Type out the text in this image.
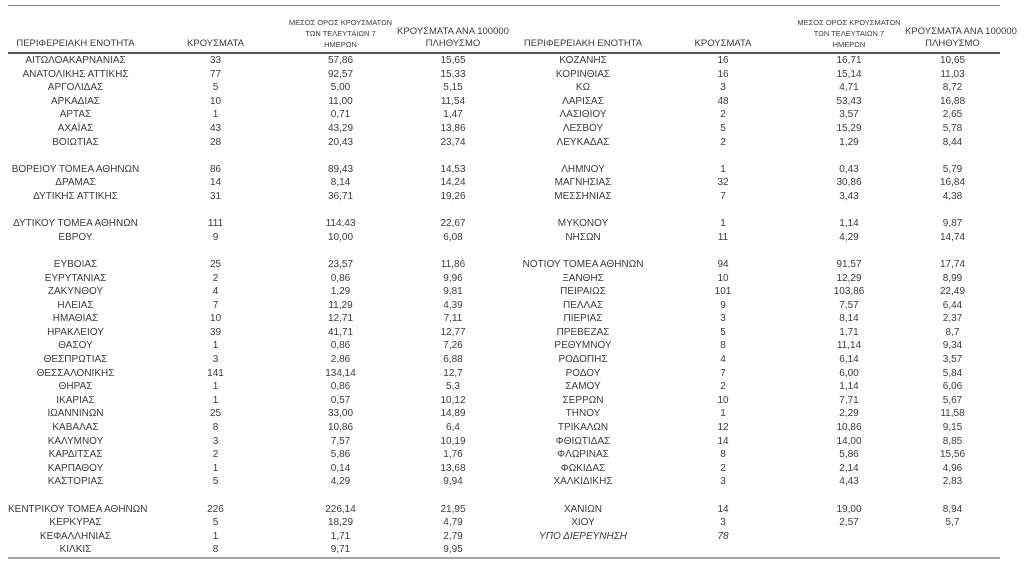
ΠΕΡΙΦΕΡΕΙΑΚΗ ΕΝΟΤΗΤΑ	ΚΡΟΥΣΜΑΤΑ	ΜΕΣΟΣ ΟΡΟΣ ΚΡΟΥΣΜΑΤΩΝ
ΤΩΝ ΤΕΛΕΥΤΑΙΩΝ 7
ΗΜΕΡΩΝ	ΚΡΟΥΣΜΑΤΑ ΑΝΑ 100000
ΠΛΗΘΥΣΜΟ	ΠΕΡΙΦΕΡΕΙΑΚΗ ΕΝΟΤΗΤΑ	ΚΡΟΥΣΜΑΤΑ	ΜΕΣΟΣ ΟΡΟΣ ΚΡΟΥΣΜΑΤΩΝ
ΤΩΝ ΤΕΛΕΥΤΑΙΩΝ 7
ΗΜΕΡΩΝ	ΚΡΟΥΣΜΑΤΑ ΑΝΑ 100000
ΠΛΗΘΥΣΜΟ

ΑΙΤΩΛΟΑΚΑΡΝΑΝΙΑΣ	33	57,86	15,65	ΚΟΖΑΝΗΣ	16	16,71	10,65
ΑΝΑΤΟΛΙΚΗΣ ΑΤΤΙΚΗΣ	77	92,57	15,33	ΚΟΡΙΝΘΙΑΣ	16	15,14	11,03
ΑΡΓΟΛΙΔΑΣ	5	5,00	5,15	ΚΩ	3	4,71	8,72
ΑΡΚΑΔΙΑΣ	10	11,00	11,54	ΛΑΡΙΣΑΣ	48	53,43	16,88
ΑΡΤΑΣ	1	0,71	1,47	ΛΑΣΙΘΙΟΥ	2	3,57	2,65
ΑΧΑΪΑΣ	43	43,29	13,86	ΛΕΣΒΟΥ	5	15,29	5,78
ΒΟΙΩΤΙΑΣ	28	20,43	23,74	ΛΕΥΚΑΔΑΣ	2	1,29	8,44

ΒΟΡΕΙΟΥ ΤΟΜΕΑ ΑΘΗΝΩΝ	86	89,43	14,53	ΛΗΜΝΟΥ	1	0,43	5,79
ΔΡΑΜΑΣ	14	8,14	14,24	ΜΑΓΝΗΣΙΑΣ	32	30,86	16,84
ΔΥΤΙΚΗΣ ΑΤΤΙΚΗΣ	31	36,71	19,26	ΜΕΣΣΗΝΙΑΣ	7	3,43	4,38

ΔΥΤΙΚΟΥ ΤΟΜΕΑ ΑΘΗΝΩΝ	111	114,43	22,67	ΜΥΚΟΝΟΥ	1	1,14	9,87
ΕΒΡΟΥ	9	10,00	6,08	ΝΗΣΩΝ	11	4,29	14,74

ΕΥΒΟΙΑΣ	25	23,57	11,86	ΝΟΤΙΟΥ ΤΟΜΕΑ ΑΘΗΝΩΝ	94	91,57	17,74
ΕΥΡΥΤΑΝΙΑΣ	2	0,86	9,96	ΞΑΝΘΗΣ	10	12,29	8,99
ΖΑΚΥΝΘΟΥ	4	1,29	9,81	ΠΕΙΡΑΙΩΣ	101	103,86	22,49
ΗΛΕΙΑΣ	7	11,29	4,39	ΠΕΛΛΑΣ	9	7,57	6,44
ΗΜΑΘΙΑΣ	10	12,71	7,11	ΠΙΕΡΙΑΣ	3	8,14	2,37
ΗΡΑΚΛΕΙΟΥ	39	41,71	12,77	ΠΡΕΒΕΖΑΣ	5	1,71	8,7
ΘΑΣΟΥ	1	0,86	7,26	ΡΕΘΥΜΝΟΥ	8	11,14	9,34
ΘΕΣΠΡΩΤΙΑΣ	3	2,86	6,88	ΡΟΔΟΠΗΣ	4	6,14	3,57
ΘΕΣΣΑΛΟΝΙΚΗΣ	141	134,14	12,7	ΡΟΔΟΥ	7	6,00	5,84
ΘΗΡΑΣ	1	0,86	5,3	ΣΑΜΟΥ	2	1,14	6,06
ΙΚΑΡΙΑΣ	1	0,57	10,12	ΣΕΡΡΩΝ	10	7,71	5,67
ΙΩΑΝΝΙΝΩΝ	25	33,00	14,89	ΤΗΝΟΥ	1	2,29	11,58
ΚΑΒΑΛΑΣ	8	10,86	6,4	ΤΡΙΚΑΛΩΝ	12	10,86	9,15
ΚΑΛΥΜΝΟΥ	3	7,57	10,19	ΦΘΙΩΤΙΔΑΣ	14	14,00	8,85
ΚΑΡΔΙΤΣΑΣ	2	5,86	1,76	ΦΛΩΡΙΝΑΣ	8	5,86	15,56
ΚΑΡΠΑΘΟΥ	1	0,14	13,68	ΦΩΚΙΔΑΣ	2	2,14	4,96
ΚΑΣΤΟΡΙΑΣ	5	4,29	9,94	ΧΑΛΚΙΔΙΚΗΣ	3	4,43	2,83

ΚΕΝΤΡΙΚΟΥ ΤΟΜΕΑ ΑΘΗΝΩΝ	226	226,14	21,95	ΧΑΝΙΩΝ	14	19,00	8,94
ΚΕΡΚΥΡΑΣ	5	18,29	4,79	ΧΙΟΥ	3	2,57	5,7
ΚΕΦΑΛΛΗΝΙΑΣ	1	1,71	2,79	ΥΠΟ ΔΙΕΡΕΥΝΗΣΗ	78		
ΚΙΛΚΙΣ	8	9,71	9,95				
